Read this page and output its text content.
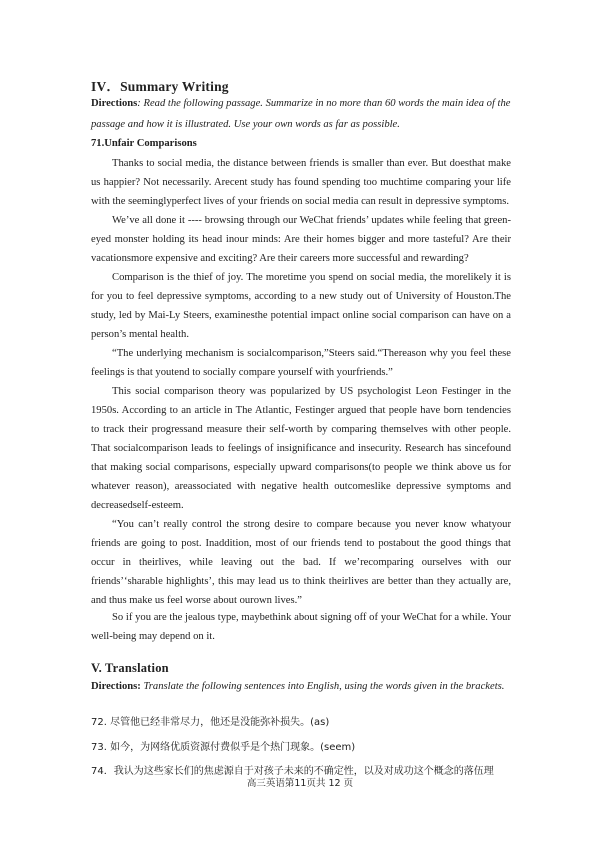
IV．Summary Writing
Directions: Read the following passage. Summarize in no more than 60 words the main idea of the passage and how it is illustrated. Use your own words as far as possible.
71.Unfair Comparisons
Thanks to social media, the distance between friends is smaller than ever. But doesthat make us happier? Not necessarily. Arecent study has found spending too muchtime comparing your life with the seeminglyperfect lives of your friends on social media can result in depressive symptoms.
We’ve all done it ---- browsing through our WeChat friends’ updates while feeling that green-eyed monster holding its head inour minds: Are their homes bigger and more tasteful? Are their vacationsmore expensive and exciting? Are their careers more successful and rewarding?
Comparison is the thief of joy. The moretime you spend on social media, the morelikely it is for you to feel depressive symptoms, according to a new study out of University of Houston.The study, led by Mai-Ly Steers, examinesthe potential impact online social comparison can have on a person’s mental health.
“The underlying mechanism is socialcomparison,”Steers said.“Thereason why you feel these feelings is that youtend to socially compare yourself with yourfriends.”
This social comparison theory was popularized by US psychologist Leon Festinger in the 1950s. According to an article in The Atlantic, Festinger argued that people have born tendencies to track their progressand measure their self-worth by comparing themselves with other people. That socialcomparison leads to feelings of insignificance and insecurity. Research has sincefound that making social comparisons, especially upward comparisons(to people we think above us for whatever reason), areassociated with negative health outcomeslike depressive symptoms and decreasedself-esteem.
“You can’t really control the strong desire to compare because you never know whatyour friends are going to post. Inaddition, most of our friends tend to postabout the good things that occur in theirlives, while leaving out the bad. If we’recomparing ourselves with our friends’‘sharable highlights’, this may lead us to think theirlives are better than they actually are, and thus make us feel worse about ourown lives.”
So if you are the jealous type, maybethink about signing off of your WeChat for a while. Your well-being may depend on it.
V. Translation
Directions: Translate the following sentences into English, using the words given in the brackets.
72. 尽管他已经非常尽力，他还是没能弥补损失。(as)
73. 如今，为网络优质资源付费似乎是个热门现象。(seem)
74．我认为这些家长们的焦虑源自于对孩子未来的不确定性，以及对成功这个概念的落伍理
高三英语第11页共 12 页
